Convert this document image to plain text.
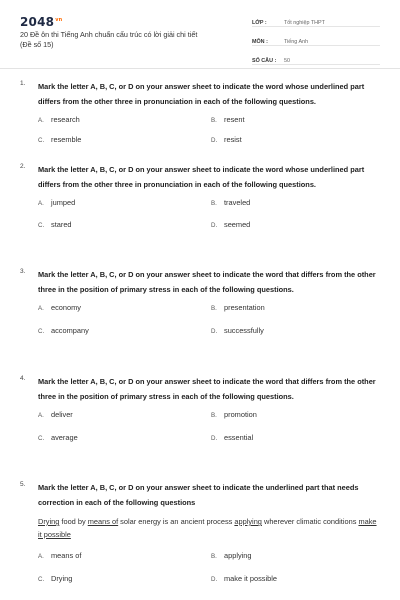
$2048^{vn}$
20 Đề ôn thi Tiếng Anh chuẩn cấu trúc có lời giải chi tiết
(Đề số 15)
LỚP :	Tốt nghiệp THPT
MÔN :	Tiếng Anh
SỐ CÂU :	50
1. Mark the letter A, B, C, or D on your answer sheet to indicate the word whose underlined part differs from the other three in pronunciation in each of the following questions.
A. research	B. resent
C. resemble	D. resist
2. Mark the letter A, B, C, or D on your answer sheet to indicate the word whose underlined part differs from the other three in pronunciation in each of the following questions.
A. jumped	B. traveled
C. stared	D. seemed
3. Mark the letter A, B, C, or D on your answer sheet to indicate the word that differs from the other three in the position of primary stress in each of the following questions.
A. economy	B. presentation
C. accompany	D. successfully
4. Mark the letter A, B, C, or D on your answer sheet to indicate the word that differs from the other three in the position of primary stress in each of the following questions.
A. deliver	B. promotion
C. average	D. essential
5. Mark the letter A, B, C, or D on your answer sheet to indicate the underlined part that needs correction in each of the following questions
Drying food by means of solar energy is an ancient process applying wherever climatic conditions make it possible
A. means of	B. applying
C. Drying	D. make it possible
